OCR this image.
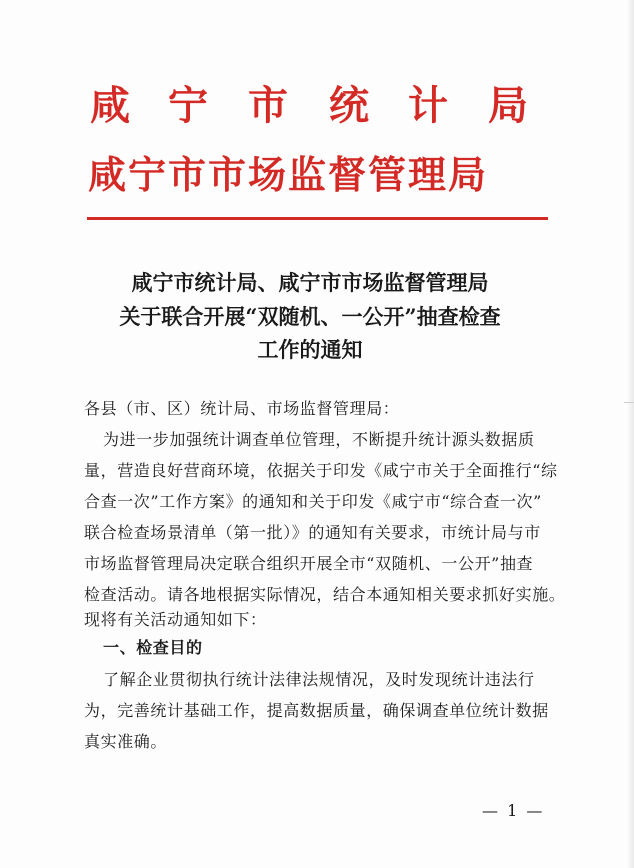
咸 宁 市 统 计 局
咸宁市市场监督管理局
咸宁市统计局、咸宁市市场监督管理局
关于联合开展“双随机、一公开”抽查检查
工作的通知
各县（市、区）统计局、市场监督管理局：
为进一步加强统计调查单位管理，不断提升统计源头数据质
量，营造良好营商环境，依据关于印发《咸宁市关于全面推行“综
合查一次”工作方案》的通知和关于印发《咸宁市“综合查一次”
联合检查场景清单（第一批）》的通知有关要求，市统计局与市
市场监督管理局决定联合组织开展全市“双随机、一公开”抽查
检查活动。请各地根据实际情况，结合本通知相关要求抓好实施。
现将有关活动通知如下：
一、检查目的
了解企业贯彻执行统计法律法规情况，及时发现统计违法行
为，完善统计基础工作，提高数据质量，确保调查单位统计数据
真实准确。
— 1 —
